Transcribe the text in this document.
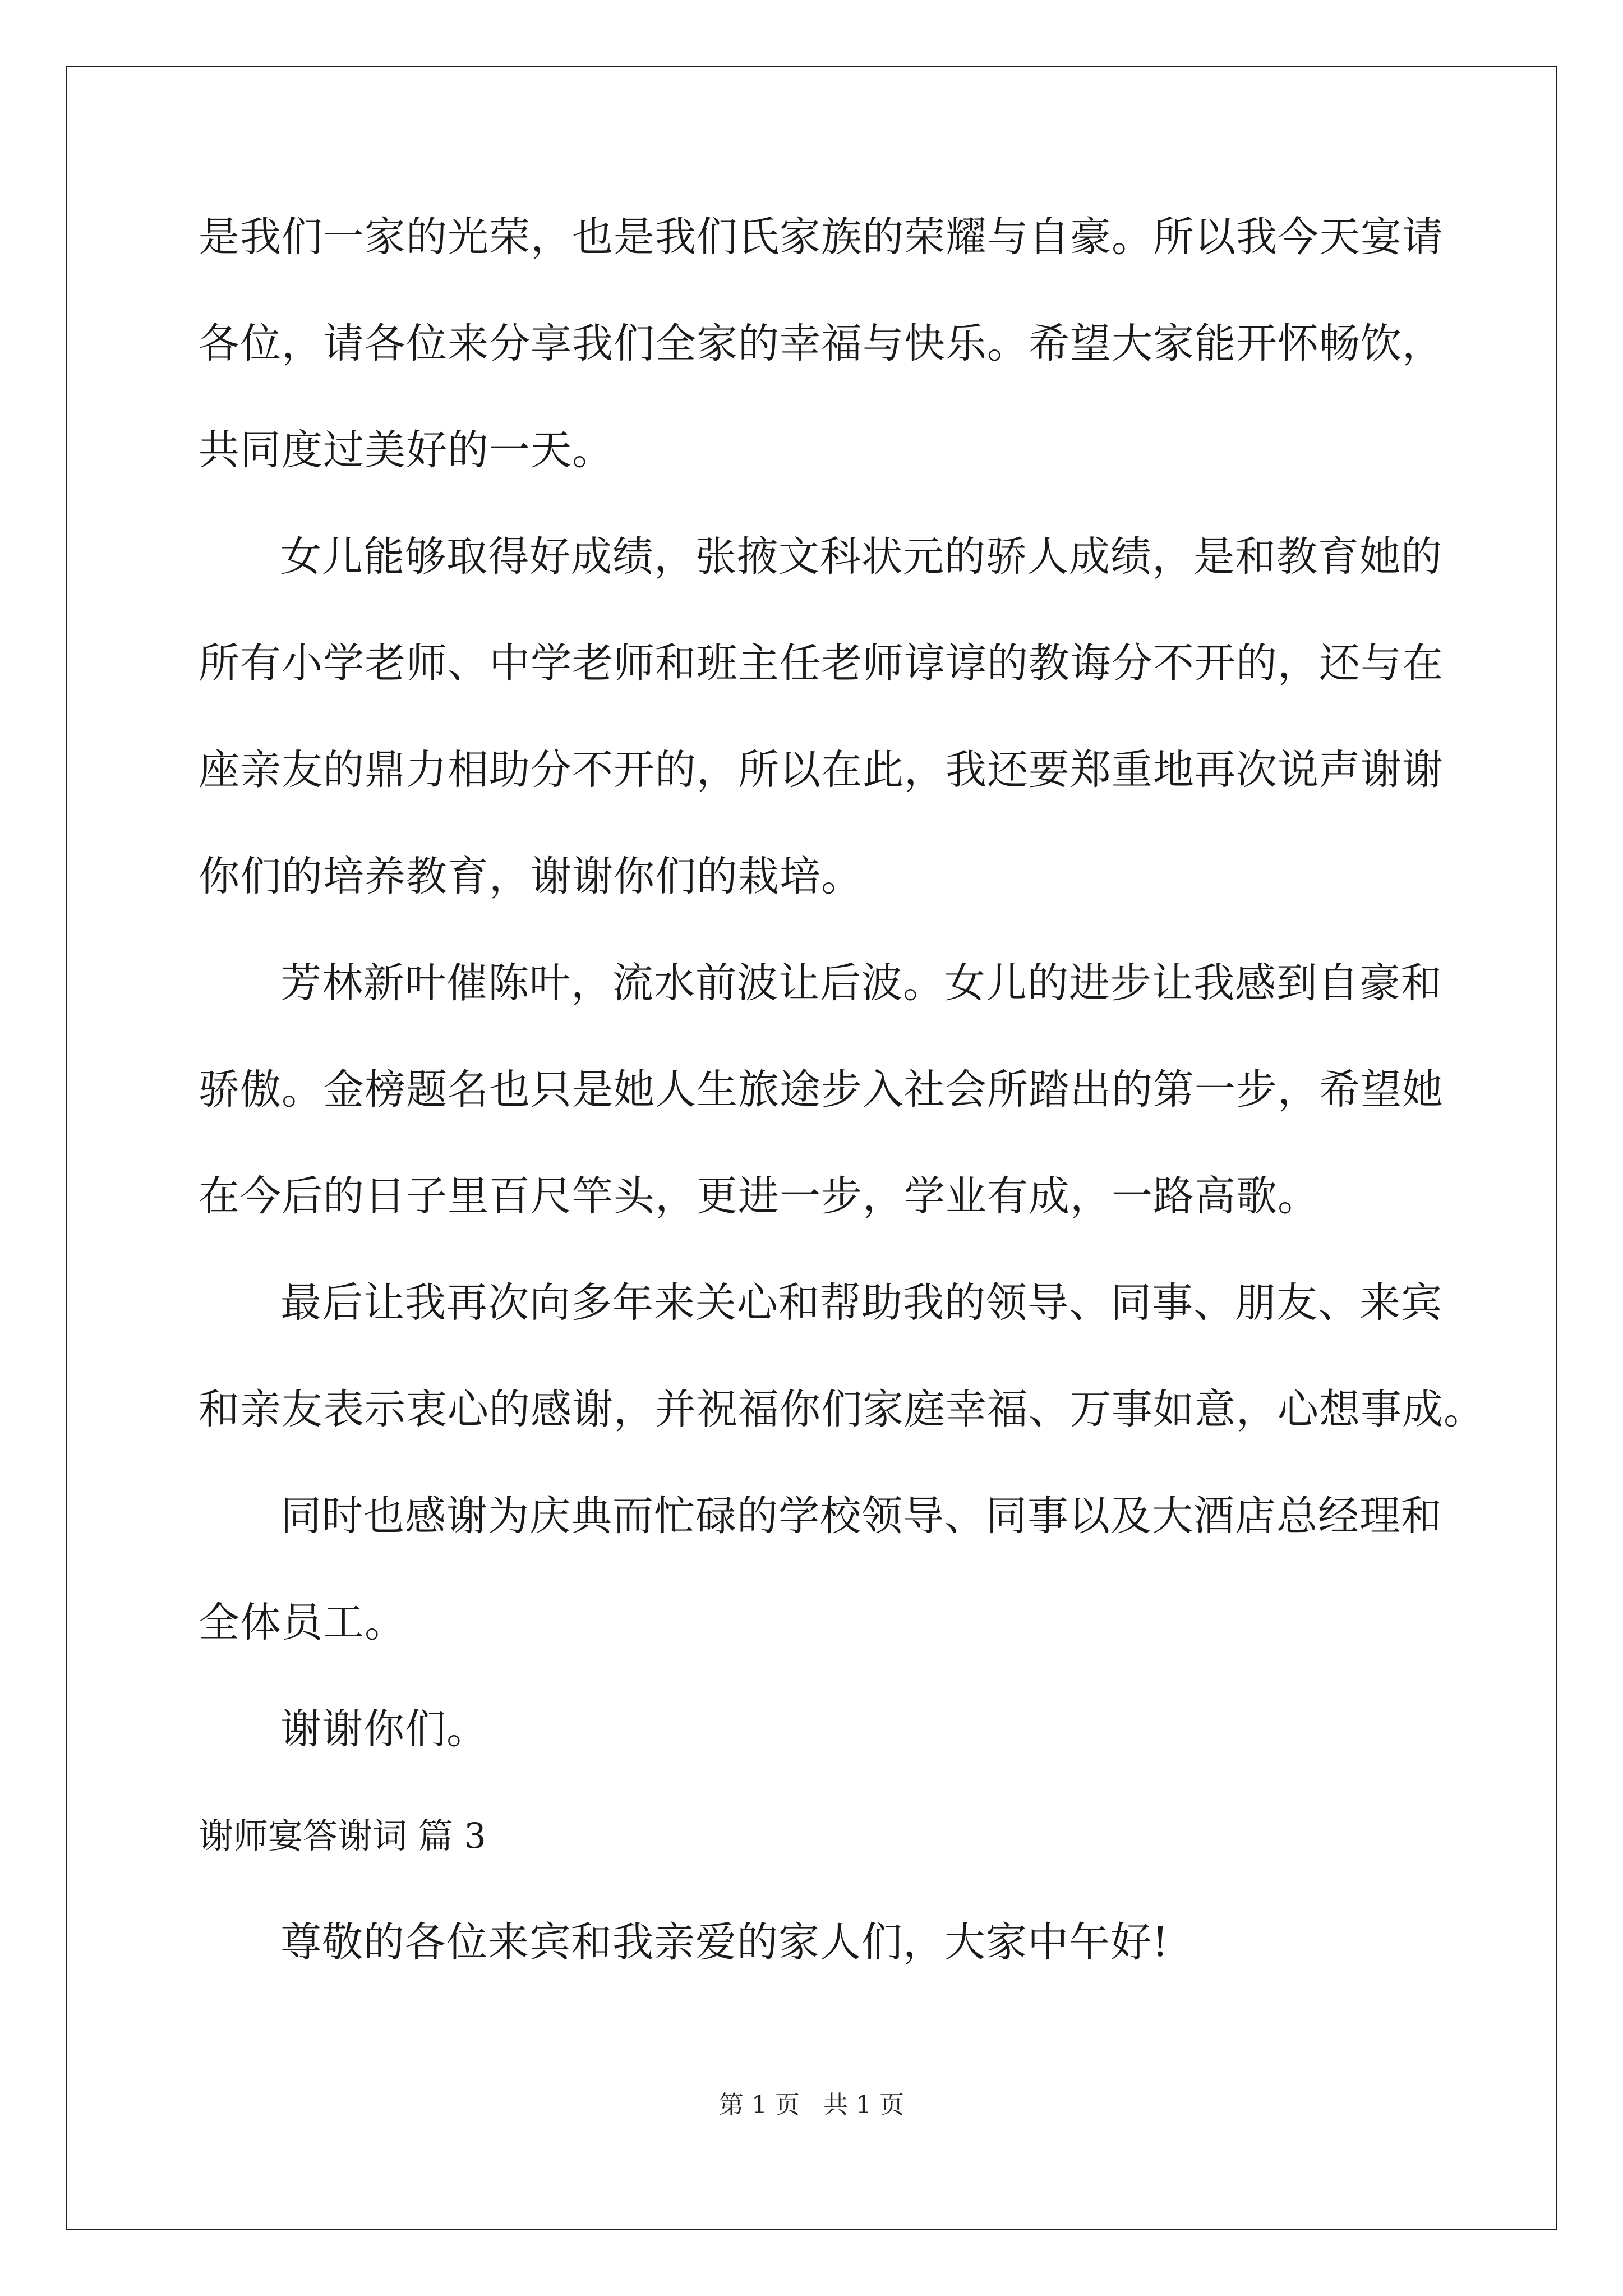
是我们一家的光荣，也是我们氏家族的荣耀与自豪。所以我今天宴请
各位，请各位来分享我们全家的幸福与快乐。希望大家能开怀畅饮，
共同度过美好的一天。
女儿能够取得好成绩，张掖文科状元的骄人成绩，是和教育她的
所有小学老师、中学老师和班主任老师谆谆的教诲分不开的，还与在
座亲友的鼎力相助分不开的，所以在此，我还要郑重地再次说声谢谢
你们的培养教育，谢谢你们的栽培。
芳林新叶催陈叶，流水前波让后波。女儿的进步让我感到自豪和
骄傲。金榜题名也只是她人生旅途步入社会所踏出的第一步，希望她
在今后的日子里百尺竿头，更进一步，学业有成，一路高歌。
最后让我再次向多年来关心和帮助我的领导、同事、朋友、来宾
和亲友表示衷心的感谢，并祝福你们家庭幸福、万事如意，心想事成。
同时也感谢为庆典而忙碌的学校领导、同事以及大酒店总经理和
全体员工。
谢谢你们。
谢师宴答谢词 篇 3
尊敬的各位来宾和我亲爱的家人们，大家中午好!
第 1 页 共 1 页
